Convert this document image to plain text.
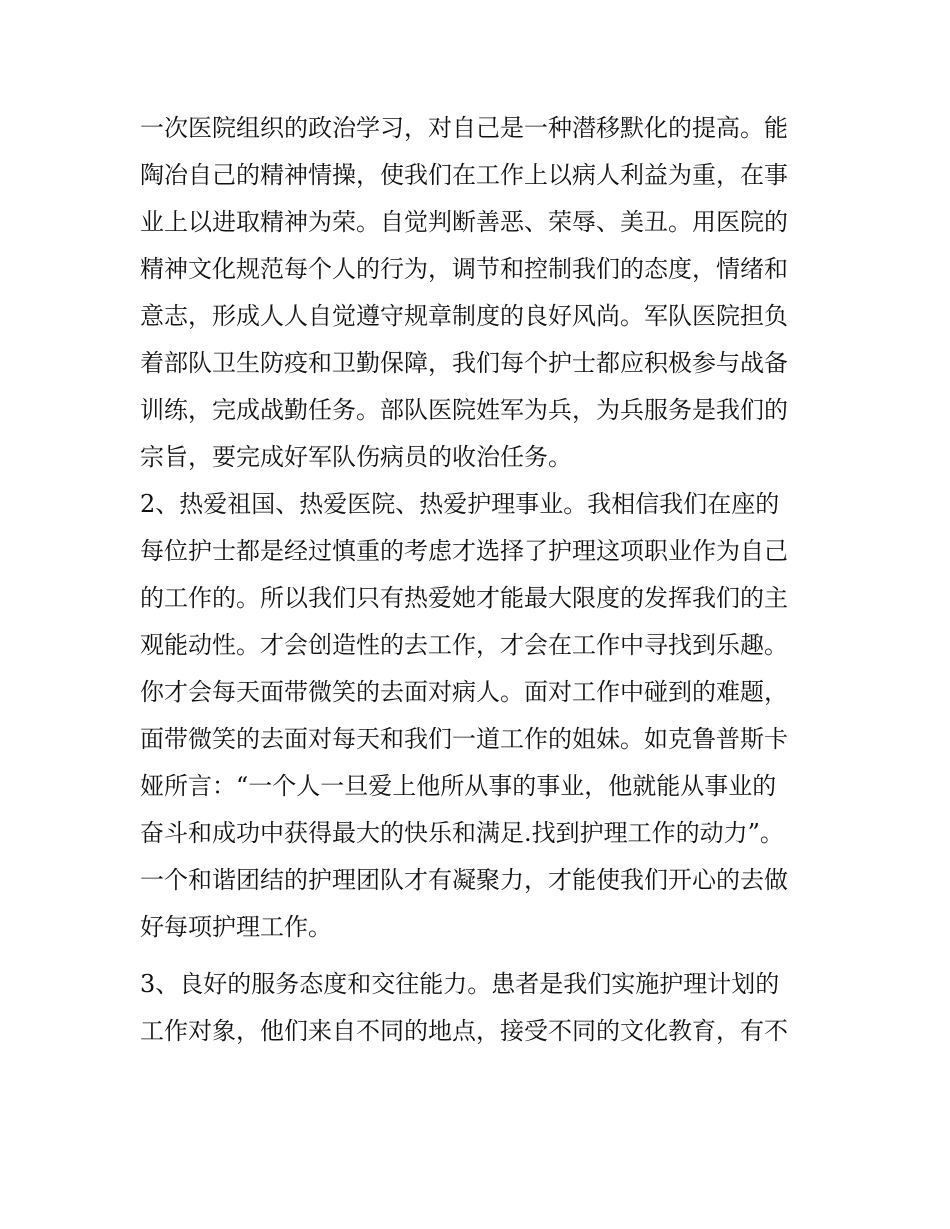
一次医院组织的政治学习，对自己是一种潜移默化的提高。能
陶冶自己的精神情操，使我们在工作上以病人利益为重，在事
业上以进取精神为荣。自觉判断善恶、荣辱、美丑。用医院的
精神文化规范每个人的行为，调节和控制我们的态度，情绪和
意志，形成人人自觉遵守规章制度的良好风尚。军队医院担负
着部队卫生防疫和卫勤保障，我们每个护士都应积极参与战备
训练，完成战勤任务。部队医院姓军为兵，为兵服务是我们的
宗旨，要完成好军队伤病员的收治任务。
2、热爱祖国、热爱医院、热爱护理事业。我相信我们在座的
每位护士都是经过慎重的考虑才选择了护理这项职业作为自己
的工作的。所以我们只有热爱她才能最大限度的发挥我们的主
观能动性。才会创造性的去工作，才会在工作中寻找到乐趣。
你才会每天面带微笑的去面对病人。面对工作中碰到的难题，
面带微笑的去面对每天和我们一道工作的姐妹。如克鲁普斯卡
娅所言：“一个人一旦爱上他所从事的事业，他就能从事业的
奋斗和成功中获得最大的快乐和满足.找到护理工作的动力”。
一个和谐团结的护理团队才有凝聚力，才能使我们开心的去做
好每项护理工作。
3、良好的服务态度和交往能力。患者是我们实施护理计划的
工作对象，他们来自不同的地点，接受不同的文化教育，有不
